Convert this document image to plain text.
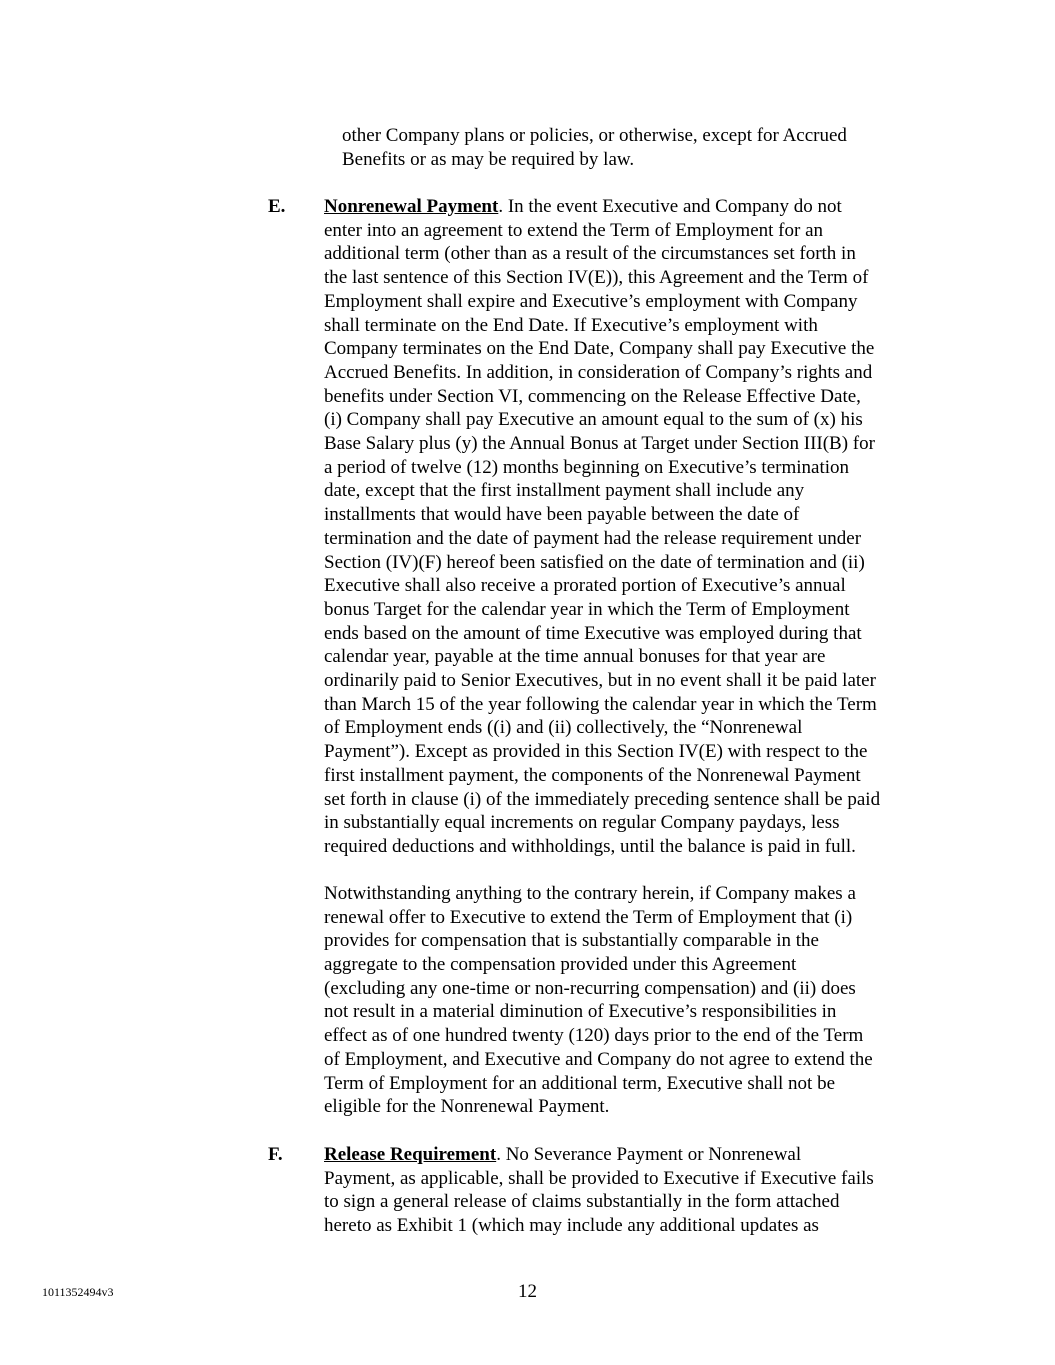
other Company plans or policies, or otherwise, except for Accrued
Benefits or as may be required by law.
E. Nonrenewal Payment. In the event Executive and Company do not
enter into an agreement to extend the Term of Employment for an
additional term (other than as a result of the circumstances set forth in
the last sentence of this Section IV(E)), this Agreement and the Term of
Employment shall expire and Executive’s employment with Company
shall terminate on the End Date. If Executive’s employment with
Company terminates on the End Date, Company shall pay Executive the
Accrued Benefits. In addition, in consideration of Company’s rights and
benefits under Section VI, commencing on the Release Effective Date,
(i) Company shall pay Executive an amount equal to the sum of (x) his
Base Salary plus (y) the Annual Bonus at Target under Section III(B) for
a period of twelve (12) months beginning on Executive’s termination
date, except that the first installment payment shall include any
installments that would have been payable between the date of
termination and the date of payment had the release requirement under
Section (IV)(F) hereof been satisfied on the date of termination and (ii)
Executive shall also receive a prorated portion of Executive’s annual
bonus Target for the calendar year in which the Term of Employment
ends based on the amount of time Executive was employed during that
calendar year, payable at the time annual bonuses for that year are
ordinarily paid to Senior Executives, but in no event shall it be paid later
than March 15 of the year following the calendar year in which the Term
of Employment ends ((i) and (ii) collectively, the “Nonrenewal
Payment”). Except as provided in this Section IV(E) with respect to the
first installment payment, the components of the Nonrenewal Payment
set forth in clause (i) of the immediately preceding sentence shall be paid
in substantially equal increments on regular Company paydays, less
required deductions and withholdings, until the balance is paid in full.
Notwithstanding anything to the contrary herein, if Company makes a
renewal offer to Executive to extend the Term of Employment that (i)
provides for compensation that is substantially comparable in the
aggregate to the compensation provided under this Agreement
(excluding any one-time or non-recurring compensation) and (ii) does
not result in a material diminution of Executive’s responsibilities in
effect as of one hundred twenty (120) days prior to the end of the Term
of Employment, and Executive and Company do not agree to extend the
Term of Employment for an additional term, Executive shall not be
eligible for the Nonrenewal Payment.
F. Release Requirement. No Severance Payment or Nonrenewal
Payment, as applicable, shall be provided to Executive if Executive fails
to sign a general release of claims substantially in the form attached
hereto as Exhibit 1 (which may include any additional updates as
1011352494v3	12
